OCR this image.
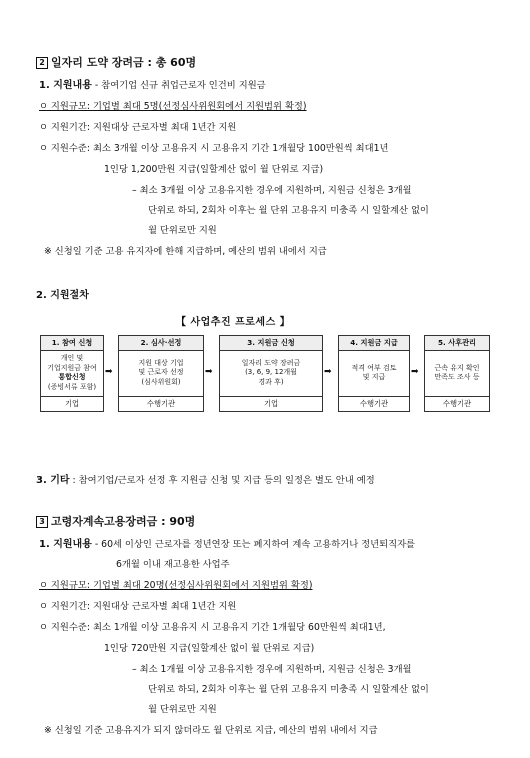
2 일자리 도약 장려금 : 총 60명
1. 지원내용 - 참여기업 신규 취업근로자 인건비 지원금
ㅇ 지원규모: 기업별 최대 5명(선정심사위원회에서 지원범위 확정)
ㅇ 지원기간: 지원대상 근로자별 최대 1년간 지원
ㅇ 지원수준: 최소 3개월 이상 고용유지 시 고용유지 기간 1개월당 100만원씩 최대1년
1인당 1,200만원 지급(일할계산 없이 월 단위로 지급)
– 최소 3개월 이상 고용유지한 경우에 지원하며, 지원금 신청은 3개월
단위로 하되, 2회차 이후는 월 단위 고용유지 미충족 시 일할계산 없이
월 단위로만 지원
※ 신청일 기준 고용 유지자에 한해 지급하며, 예산의 범위 내에서 지급
2. 지원절차
【 사업추진 프로세스 】
1. 참여 신청
개인 및
기업지원금 참여
통합신청
(증빙서류 포함)
기업
➡
2. 심사·선정
지원 대상 기업
및 근로자 선정
(심사위원회)
수행기관
➡
3. 지원금 신청
일자리 도약 장려금
(3, 6, 9, 12개월
경과 후)
기업
➡
4. 지원금 지급
적격 여부 검토
및 지급
수행기관
➡
5. 사후관리
근속 유지 확인
만족도 조사 등
수행기관
3. 기타 : 참여기업/근로자 선정 후 지원금 신청 및 지급 등의 일정은 별도 안내 예정
3 고령자계속고용장려금 : 90명
1. 지원내용 - 60세 이상인 근로자를 정년연장 또는 폐지하여 계속 고용하거나 정년퇴직자를
6개월 이내 재고용한 사업주
ㅇ 지원규모: 기업별 최대 20명(선정심사위원회에서 지원범위 확정)
ㅇ 지원기간: 지원대상 근로자별 최대 1년간 지원
ㅇ 지원수준: 최소 1개월 이상 고용유지 시 고용유지 기간 1개월당 60만원씩 최대1년,
1인당 720만원 지급(일할계산 없이 월 단위로 지급)
– 최소 1개월 이상 고용유지한 경우에 지원하며, 지원금 신청은 3개월
단위로 하되, 2회차 이후는 월 단위 고용유지 미충족 시 일할계산 없이
월 단위로만 지원
※ 신청일 기준 고용유지가 되지 않더라도 월 단위로 지급, 예산의 범위 내에서 지급
